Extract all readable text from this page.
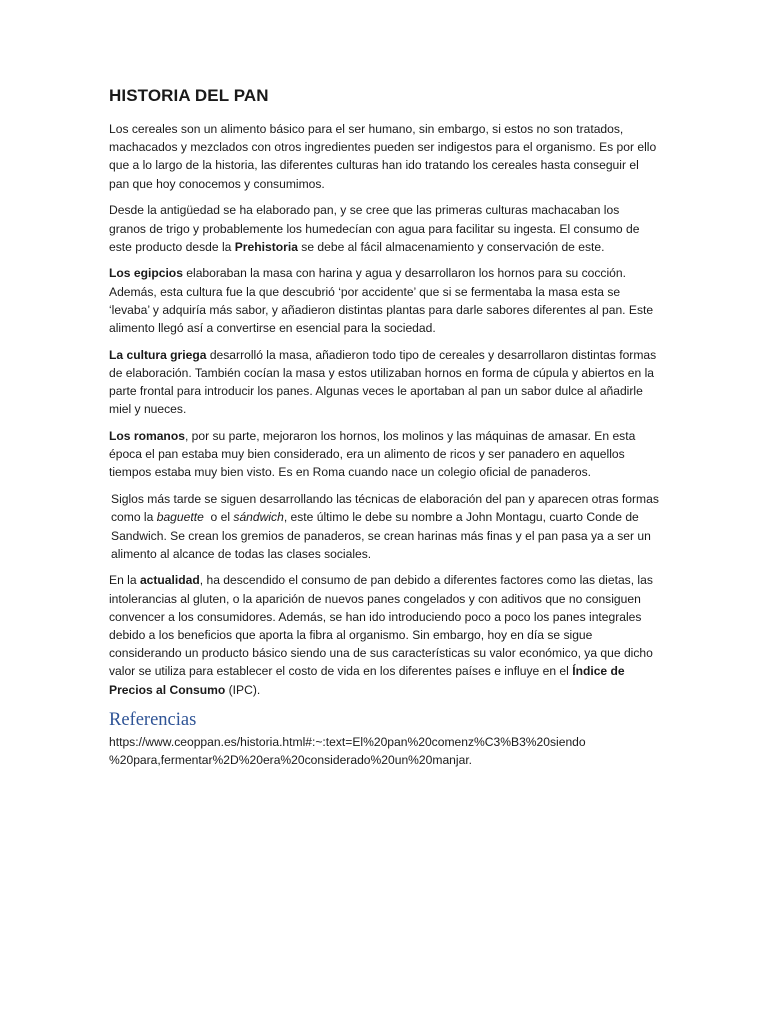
HISTORIA DEL PAN

Los cereales son un alimento básico para el ser humano, sin embargo, si estos no son tratados, machacados y mezclados con otros ingredientes pueden ser indigestos para el organismo. Es por ello que a lo largo de la historia, las diferentes culturas han ido tratando los cereales hasta conseguir el pan que hoy conocemos y consumimos.

Desde la antigüedad se ha elaborado pan, y se cree que las primeras culturas machacaban los granos de trigo y probablemente los humedecían con agua para facilitar su ingesta. El consumo de este producto desde la Prehistoria se debe al fácil almacenamiento y conservación de este.

Los egipcios elaboraban la masa con harina y agua y desarrollaron los hornos para su cocción. Además, esta cultura fue la que descubrió ‘por accidente’ que si se fermentaba la masa esta se ‘levaba’ y adquiría más sabor, y añadieron distintas plantas para darle sabores diferentes al pan. Este alimento llegó así a convertirse en esencial para la sociedad.

La cultura griega desarrolló la masa, añadieron todo tipo de cereales y desarrollaron distintas formas de elaboración. También cocían la masa y estos utilizaban hornos en forma de cúpula y abiertos en la parte frontal para introducir los panes. Algunas veces le aportaban al pan un sabor dulce al añadirle miel y nueces.

Los romanos, por su parte, mejoraron los hornos, los molinos y las máquinas de amasar. En esta época el pan estaba muy bien considerado, era un alimento de ricos y ser panadero en aquellos tiempos estaba muy bien visto. Es en Roma cuando nace un colegio oficial de panaderos.

Siglos más tarde se siguen desarrollando las técnicas de elaboración del pan y aparecen otras formas como la baguette  o el sándwich, este último le debe su nombre a John Montagu, cuarto Conde de Sandwich. Se crean los gremios de panaderos, se crean harinas más finas y el pan pasa ya a ser un alimento al alcance de todas las clases sociales.

En la actualidad, ha descendido el consumo de pan debido a diferentes factores como las dietas, las intolerancias al gluten, o la aparición de nuevos panes congelados y con aditivos que no consiguen convencer a los consumidores. Además, se han ido introduciendo poco a poco los panes integrales debido a los beneficios que aporta la fibra al organismo. Sin embargo, hoy en día se sigue considerando un producto básico siendo una de sus características su valor económico, ya que dicho valor se utiliza para establecer el costo de vida en los diferentes países e influye en el Índice de Precios al Consumo (IPC).

Referencias

https://www.ceoppan.es/historia.html#:~:text=El%20pan%20comenz%C3%B3%20siendo
%20para,fermentar%2D%20era%20considerado%20un%20manjar.
